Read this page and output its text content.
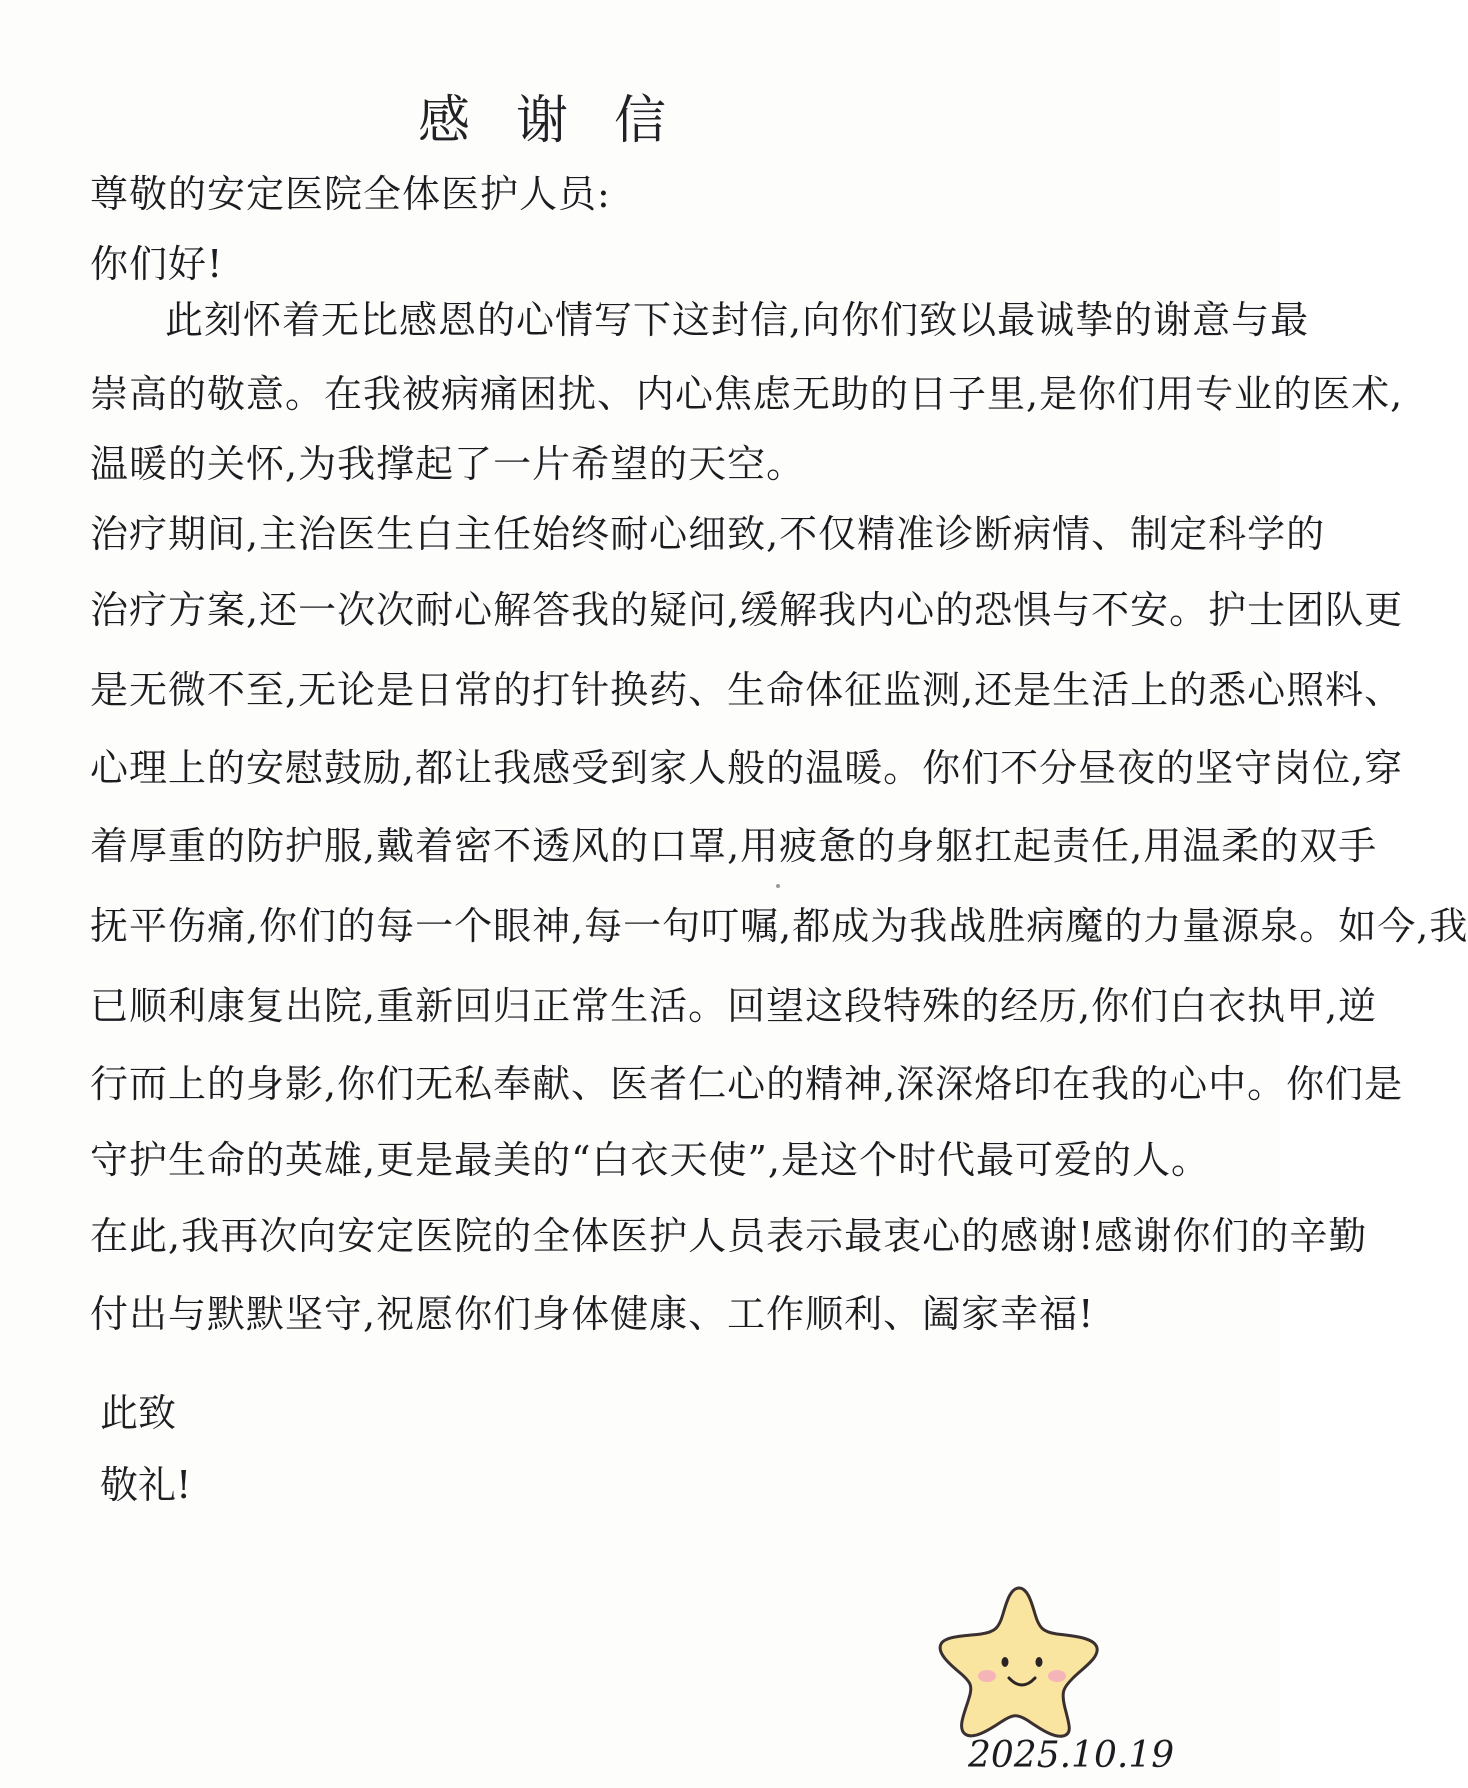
感谢信
尊敬的安定医院全体医护人员:
你们好!
此刻怀着无比感恩的心情写下这封信,向你们致以最诚挚的谢意与最
崇高的敬意。在我被病痛困扰、内心焦虑无助的日子里,是你们用专业的医术,
温暖的关怀,为我撑起了一片希望的天空。
治疗期间,主治医生白主任始终耐心细致,不仅精准诊断病情、制定科学的
治疗方案,还一次次耐心解答我的疑问,缓解我内心的恐惧与不安。护士团队更
是无微不至,无论是日常的打针换药、生命体征监测,还是生活上的悉心照料、
心理上的安慰鼓励,都让我感受到家人般的温暖。你们不分昼夜的坚守岗位,穿
着厚重的防护服,戴着密不透风的口罩,用疲惫的身躯扛起责任,用温柔的双手
抚平伤痛,你们的每一个眼神,每一句叮嘱,都成为我战胜病魔的力量源泉。如今,我
已顺利康复出院,重新回归正常生活。回望这段特殊的经历,你们白衣执甲,逆
行而上的身影,你们无私奉献、医者仁心的精神,深深烙印在我的心中。你们是
守护生命的英雄,更是最美的“白衣天使”,是这个时代最可爱的人。
在此,我再次向安定医院的全体医护人员表示最衷心的感谢!感谢你们的辛勤
付出与默默坚守,祝愿你们身体健康、工作顺利、阖家幸福!
此致
敬礼!
2025.10.19
